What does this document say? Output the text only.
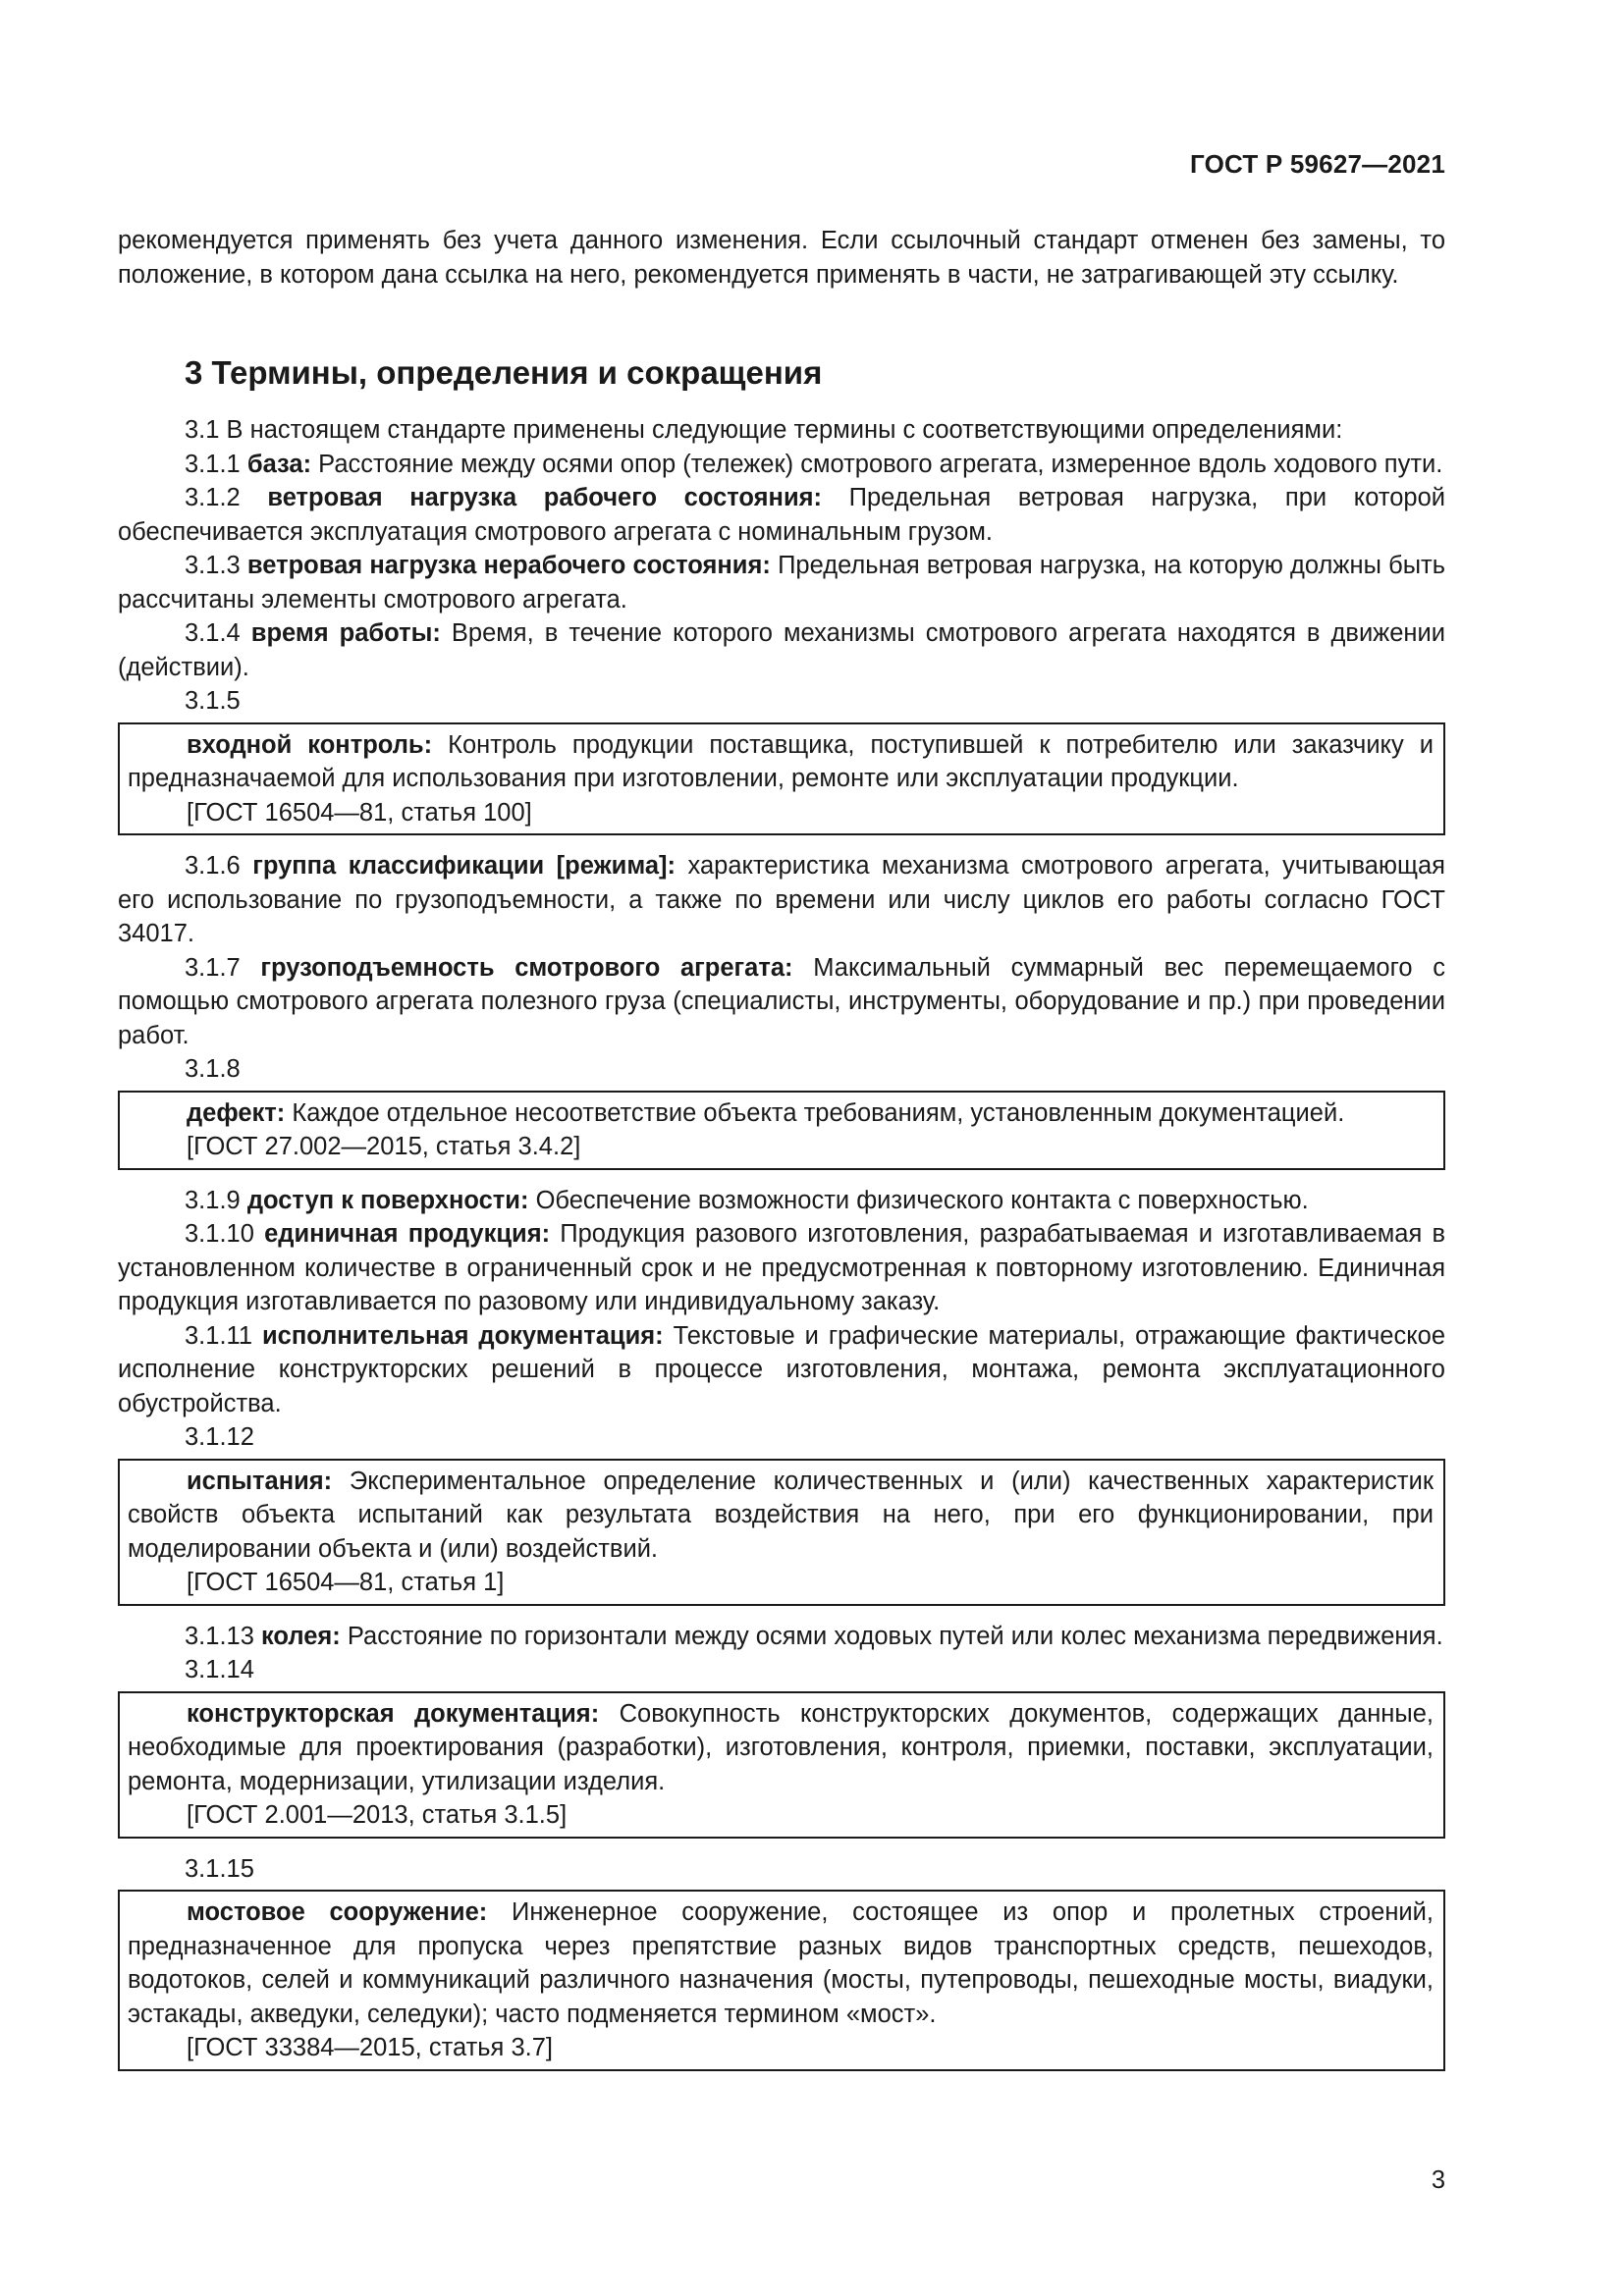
ГОСТ Р 59627—2021

рекомендуется применять без учета данного изменения. Если ссылочный стандарт отменен без замены, то положение, в котором дана ссылка на него, рекомендуется применять в части, не затрагивающей эту ссылку.

3 Термины, определения и сокращения

3.1 В настоящем стандарте применены следующие термины с соответствующими определениями:

3.1.1 база: Расстояние между осями опор (тележек) смотрового агрегата, измеренное вдоль ходового пути.

3.1.2 ветровая нагрузка рабочего состояния: Предельная ветровая нагрузка, при которой обеспечивается эксплуатация смотрового агрегата с номинальным грузом.

3.1.3 ветровая нагрузка нерабочего состояния: Предельная ветровая нагрузка, на которую должны быть рассчитаны элементы смотрового агрегата.

3.1.4 время работы: Время, в течение которого механизмы смотрового агрегата находятся в движении (действии).

3.1.5

входной контроль: Контроль продукции поставщика, поступившей к потребителю или заказчику и предназначаемой для использования при изготовлении, ремонте или эксплуатации продукции.

[ГОСТ 16504—81, статья 100]

3.1.6 группа классификации [режима]: характеристика механизма смотрового агрегата, учитывающая его использование по грузоподъемности, а также по времени или числу циклов его работы согласно ГОСТ 34017.

3.1.7 грузоподъемность смотрового агрегата: Максимальный суммарный вес перемещаемого с помощью смотрового агрегата полезного груза (специалисты, инструменты, оборудование и пр.) при проведении работ.

3.1.8

дефект: Каждое отдельное несоответствие объекта требованиям, установленным документацией.

[ГОСТ 27.002—2015, статья 3.4.2]

3.1.9 доступ к поверхности: Обеспечение возможности физического контакта с поверхностью.

3.1.10 единичная продукция: Продукция разового изготовления, разрабатываемая и изготавливаемая в установленном количестве в ограниченный срок и не предусмотренная к повторному изготовлению. Единичная продукция изготавливается по разовому или индивидуальному заказу.

3.1.11 исполнительная документация: Текстовые и графические материалы, отражающие фактическое исполнение конструкторских решений в процессе изготовления, монтажа, ремонта эксплуатационного обустройства.

3.1.12

испытания: Экспериментальное определение количественных и (или) качественных характеристик свойств объекта испытаний как результата воздействия на него, при его функционировании, при моделировании объекта и (или) воздействий.

[ГОСТ 16504—81, статья 1]

3.1.13 колея: Расстояние по горизонтали между осями ходовых путей или колес механизма передвижения.

3.1.14

конструкторская документация: Совокупность конструкторских документов, содержащих данные, необходимые для проектирования (разработки), изготовления, контроля, приемки, поставки, эксплуатации, ремонта, модернизации, утилизации изделия.

[ГОСТ 2.001—2013, статья 3.1.5]

3.1.15

мостовое сооружение: Инженерное сооружение, состоящее из опор и пролетных строений, предназначенное для пропуска через препятствие разных видов транспортных средств, пешеходов, водотоков, селей и коммуникаций различного назначения (мосты, путепроводы, пешеходные мосты, виадуки, эстакады, акведуки, селедуки); часто подменяется термином «мост».

[ГОСТ 33384—2015, статья 3.7]

3
